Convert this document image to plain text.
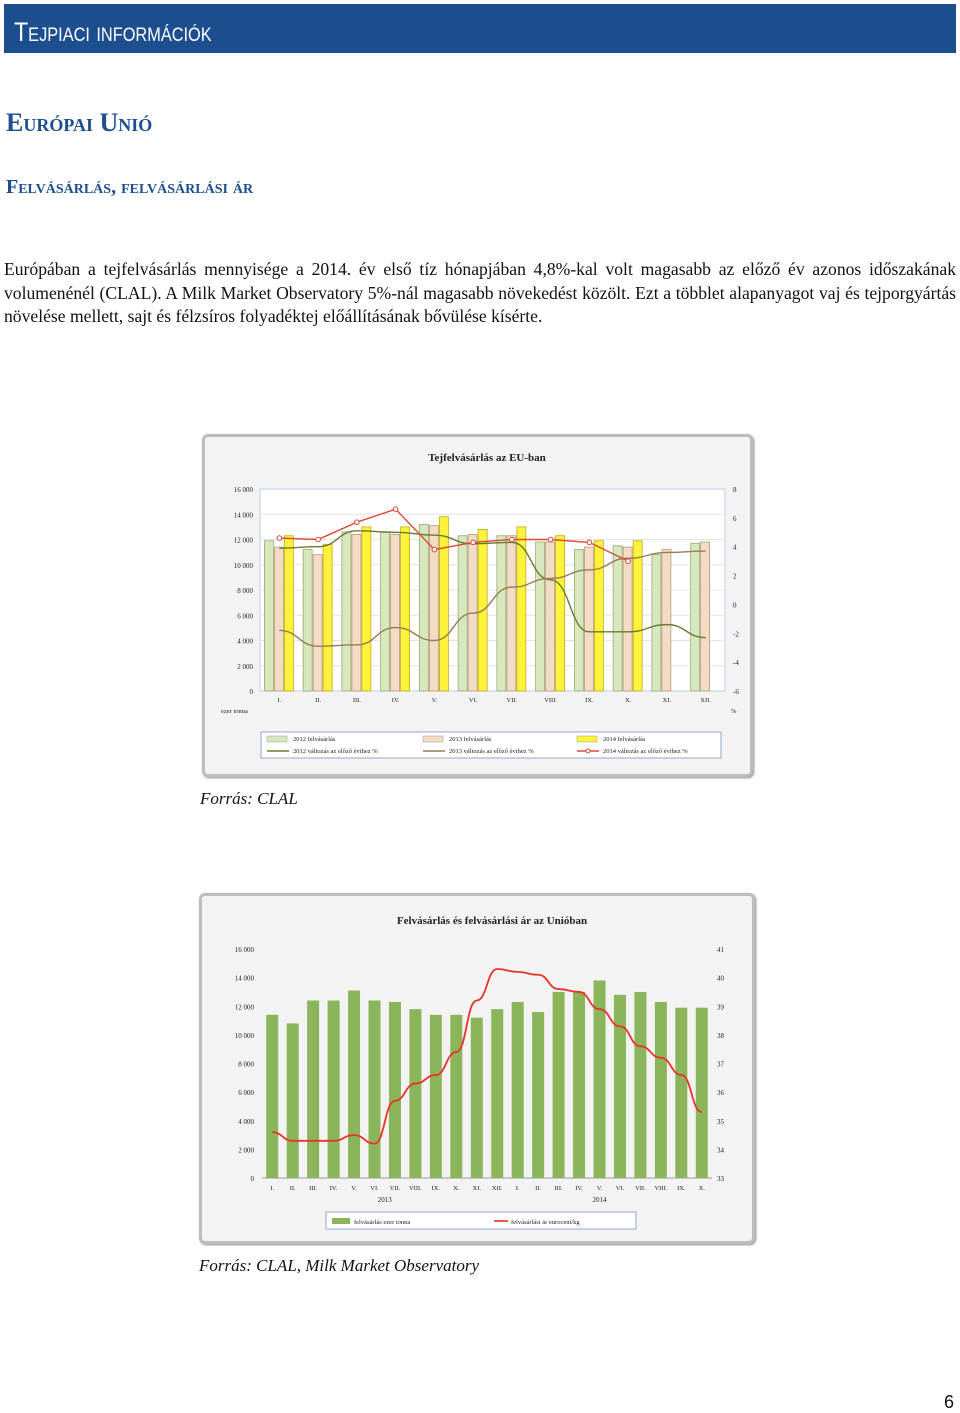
Tejpiaci információk
Európai Unió
Felvásárlás, felvásárlási ár
Európában a tejfelvásárlás mennyisége a 2014. év első tíz hónapjában 4,8%-kal volt magasabb az előző év azonos időszakának volumenénél (CLAL). A Milk Market Observatory 5%-nál magasabb növekedést közölt. Ezt a többlet alapanyagot vaj és tejporgyártás növelése mellett, sajt és félzsíros folyadéktej előállításának bővülése kísérte.
Tejfelvásárlás az EU-ban
0
2 000
4 000
6 000
8 000
10 000
12 000
14 000
16 000
-6
-4
-2
0
2
4
6
8
ezer tonna	%
I.	II.	III.	IV.	V.	VI.	VII.	VIII.	IX.	X.	XI.	XII.
2012 felvásárlás	2013 felvásárlás	2014 felvásárlás
2012 változás az előző évihez %	2013 változás az előző évihez %	2014 változás az előző évihez %
Forrás: CLAL
Felvásárlás és felvásárlási ár az Unióban
0
2 000
4 000
6 000
8 000
10 000
12 000
14 000
16 000
33
34
35
36
37
38
39
40
41
I. II. III. IV. V. VI. VII. VIII. IX. X. XI. XII. I. II. III. IV. V. VI. VII. VIII. IX. X.
2013	2014
felvásárlás ezer tonna	felvásárlási ár eurocent/kg
Forrás: CLAL, Milk Market Observatory
6
